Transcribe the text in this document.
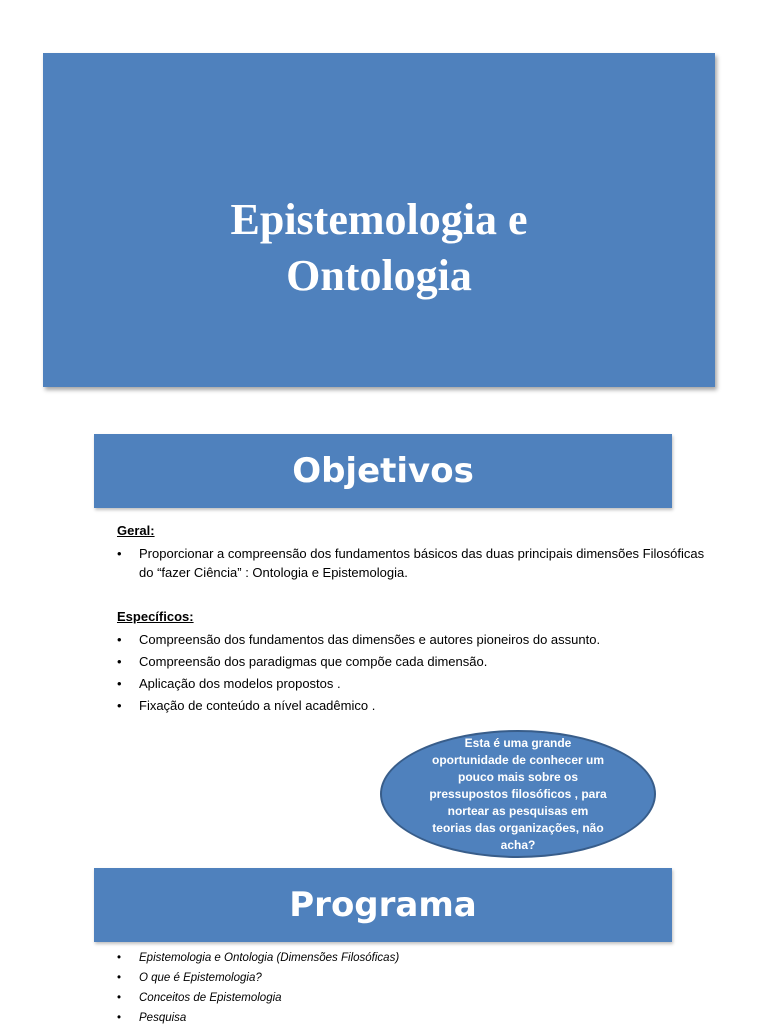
Epistemologia e
Ontologia
Estudos Contemporâneos em Contabilidade
Isaquiel Estamilo & Alcido Juaniha
Objetivos
Geral:
• Proporcionar a compreensão dos fundamentos básicos das duas principais dimensões Filosóficas do “fazer Ciência” : Ontologia e Epistemologia.
Específicos:
• Compreensão dos fundamentos das dimensões e autores pioneiros do assunto.
• Compreensão dos paradigmas que compõe cada dimensão.
• Aplicação dos modelos propostos .
• Fixação de conteúdo a nível acadêmico .
Esta é uma grande
oportunidade de conhecer um
pouco mais sobre os
pressupostos filosóficos , para
nortear as pesquisas em
teorias das organizações, não
acha?
Programa
• Epistemologia e Ontologia (Dimensões Filosóficas)
• O que é Epistemologia?
• Conceitos de Epistemologia
• Pesquisa
